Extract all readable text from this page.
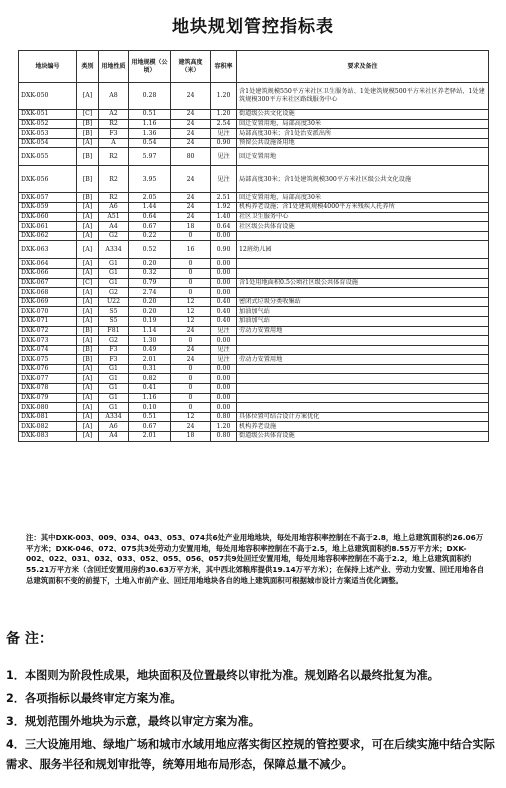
地块规划管控指标表
地块编号	类别	用地性质	用地规模（公顷）	建筑高度（米）	容积率	要求及备注
DXK-050	[A]	A8	0.28	24	1.20	含1处建筑规模550平方米社区卫生服务站、1处建筑规模500平方米社区养老驿站、1处建筑规模300平方米社区路线服务中心
DXK-051	[C]	A2	0.51	24	1.20	街道级公共文化设施
DXK-052	[B]	R2	1.16	24	2.54	回迁安置用地，局部高度30米
DXK-053	[B]	F3	1.36	24	见注	局部高度30米；含1处治安派出所
DXK-054	[A]	A	0.54	24	0.90	预留公共设施备用地
DXK-055	[B]	R2	5.97	80	见注	回迁安置用地
DXK-056	[B]	R2	3.95	24	见注	局部高度30米；含1处建筑规模300平方米社区级公共文化设施
DXK-057	[B]	R2	2.05	24	2.51	回迁安置用地，局部高度30米
DXK-059	[A]	A6	1.44	24	1.92	机构养老设施；含1处建筑规模4000平方米残疾人托养所
DXK-060	[A]	A51	0.64	24	1.40	社区卫生服务中心
DXK-061	[A]	A4	0.67	18	0.64	社区级公共体育设施
DXK-062	[A]	G2	0.22	0	0.00	
DXK-063	[A]	A334	0.52	16	0.90	12班幼儿园
DXK-064	[A]	G1	0.20	0	0.00	
DXK-066	[A]	G1	0.32	0	0.00	
DXK-067	[C]	G1	0.79	0	0.00	含1处用地面积0.5公顷社区级公共体育设施
DXK-068	[A]	G2	2.74	0	0.00	
DXK-069	[A]	U22	0.20	12	0.40	密闭式垃圾分类收集站
DXK-070	[A]	S5	0.20	12	0.40	加油加气站
DXK-071	[A]	S5	0.19	12	0.40	加油加气站
DXK-072	[B]	F81	1.14	24	见注	劳动力安置用地
DXK-073	[A]	G2	1.30	0	0.00	
DXK-074	[B]	F3	0.49	24	见注	
DXK-075	[B]	F3	2.01	24	见注	劳动力安置用地
DXK-076	[A]	G1	0.31	0	0.00	
DXK-077	[A]	G1	0.82	0	0.00	
DXK-078	[A]	G1	0.41	0	0.00	
DXK-079	[A]	G1	1.16	0	0.00	
DXK-080	[A]	G1	0.10	0	0.00	
DXK-081	[A]	A334	0.51	12	0.80	具体位置可结合设计方案优化
DXK-082	[A]	A6	0.67	24	1.20	机构养老设施
DXK-083	[A]	A4	2.01	18	0.80	街道级公共体育设施
注：其中DXK-003、009、034、043、053、074共6处产业用地地块，每处用地容积率控制在不高于2.8，地上总建筑面积约26.06万平方米；DXK-046、072、075共3处劳动力安置用地，每处用地容积率控制在不高于2.5，地上总建筑面积约8.55万平方米；DXK-002、022、031、032、033、052、055、056、057共9处回迁安置用地，每处用地容积率控制在不高于2.2，地上总建筑面积约55.21万平方米（含回迁安置用房约30.63万平方米，其中西北郊粮库提供19.14万平方米）；在保持上述产业、劳动力安置、回迁用地各自总建筑面积不变的前提下，土地入市前产业、回迁用地地块各自的地上建筑面积可根据城市设计方案适当优化调整。
备 注：
1．本图则为阶段性成果，地块面积及位置最终以审批为准。规划路名以最终批复为准。
2．各项指标以最终审定方案为准。
3．规划范围外地块为示意，最终以审定方案为准。
4．三大设施用地、绿地广场和城市水域用地应落实街区控规的管控要求，可在后续实施中结合实际需求、服务半径和规划审批等，统筹用地布局形态，保障总量不减少。
